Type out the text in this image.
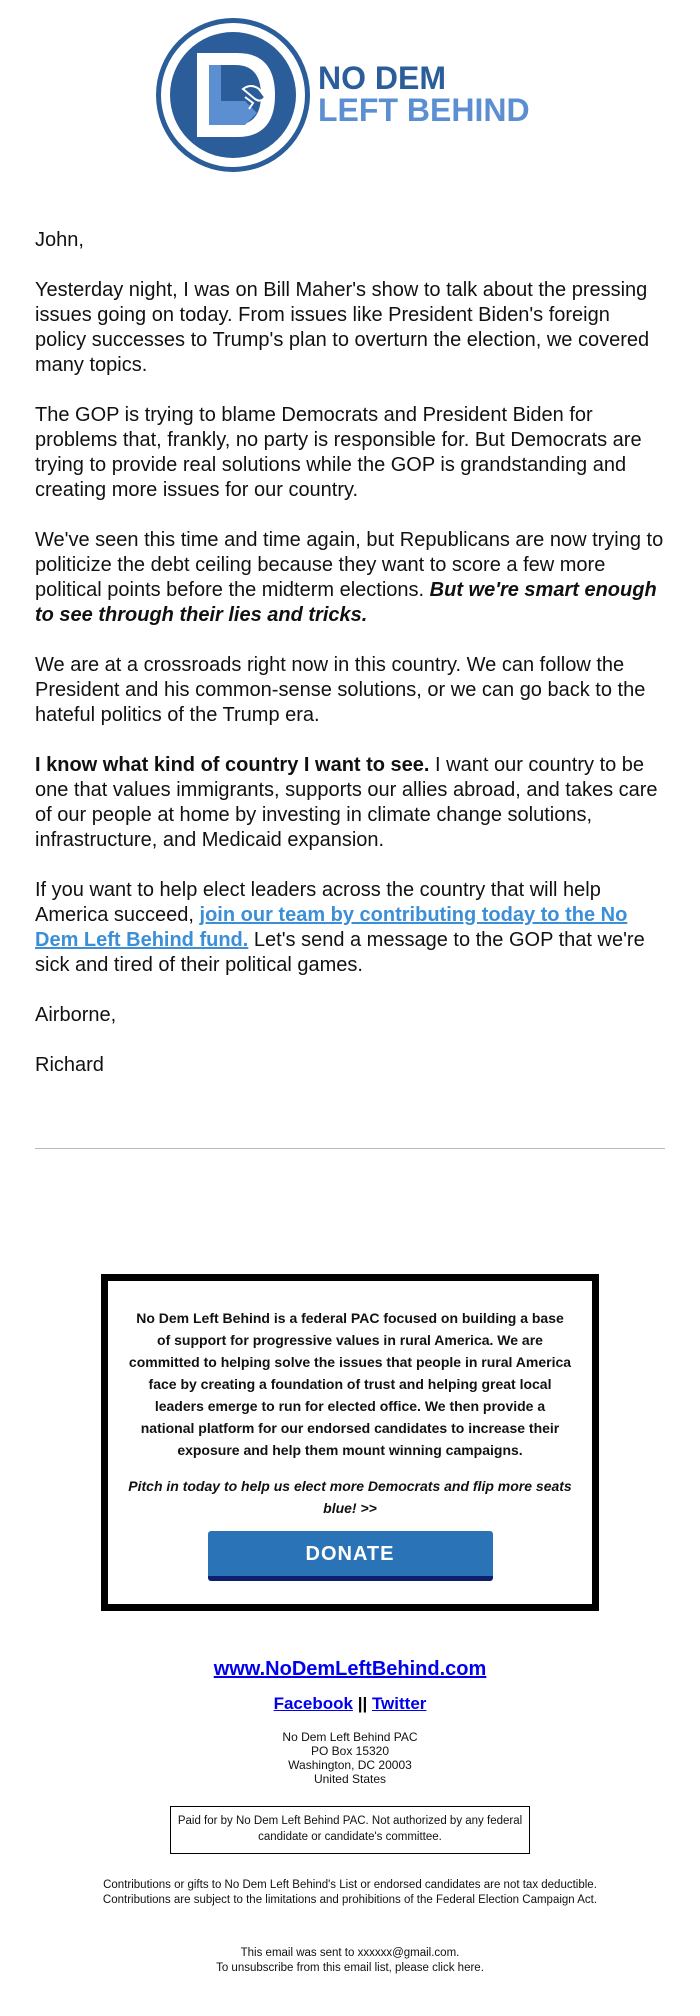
NO DEM
LEFT BEHIND

John,

Yesterday night, I was on Bill Maher's show to talk about the pressing issues going on today. From issues like President Biden's foreign policy successes to Trump's plan to overturn the election, we covered many topics.

The GOP is trying to blame Democrats and President Biden for problems that, frankly, no party is responsible for. But Democrats are trying to provide real solutions while the GOP is grandstanding and creating more issues for our country.

We've seen this time and time again, but Republicans are now trying to politicize the debt ceiling because they want to score a few more political points before the midterm elections. But we're smart enough to see through their lies and tricks.

We are at a crossroads right now in this country. We can follow the President and his common-sense solutions, or we can go back to the hateful politics of the Trump era.

I know what kind of country I want to see. I want our country to be one that values immigrants, supports our allies abroad, and takes care of our people at home by investing in climate change solutions, infrastructure, and Medicaid expansion.

If you want to help elect leaders across the country that will help America succeed, join our team by contributing today to the No Dem Left Behind fund. Let's send a message to the GOP that we're sick and tired of their political games.

Airborne,

Richard

No Dem Left Behind is a federal PAC focused on building a base of support for progressive values in rural America. We are committed to helping solve the issues that people in rural America face by creating a foundation of trust and helping great local leaders emerge to run for elected office. We then provide a national platform for our endorsed candidates to increase their exposure and help them mount winning campaigns.
Pitch in today to help us elect more Democrats and flip more seats blue! >>
DONATE
www.NoDemLeftBehind.com
Facebook || Twitter
No Dem Left Behind PAC
PO Box 15320
Washington, DC 20003
United States
Paid for by No Dem Left Behind PAC. Not authorized by any federal candidate or candidate's committee.
Contributions or gifts to No Dem Left Behind's List or endorsed candidates are not tax deductible.
Contributions are subject to the limitations and prohibitions of the Federal Election Campaign Act.
This email was sent to xxxxxx@gmail.com.
To unsubscribe from this email list, please click here.
